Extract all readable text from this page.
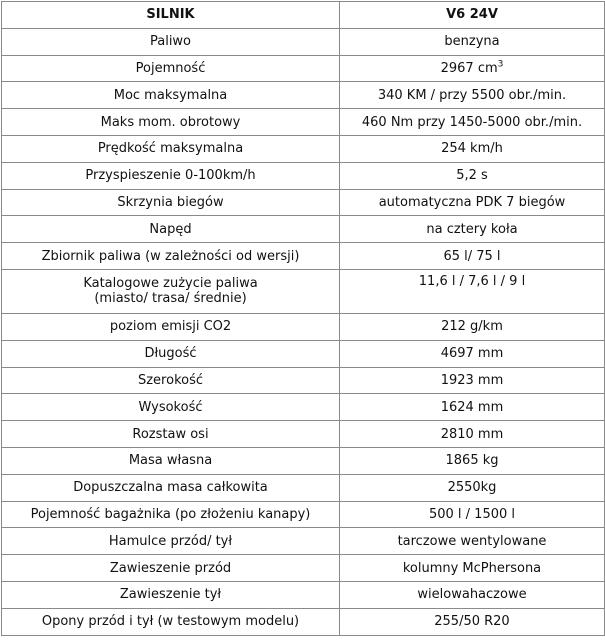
SILNIK	V6 24V
Paliwo	benzyna
Pojemność	2967 $cm^3$
Moc maksymalna	340 KM / przy 5500 obr./min.
Maks mom. obrotowy	460 Nm przy 1450-5000 obr./min.
Prędkość maksymalna	254 km/h
Przyspieszenie 0-100km/h	5,2 s
Skrzynia biegów	automatyczna PDK 7 biegów
Napęd	na cztery koła
Zbiornik paliwa (w zależności od wersji)	65 l/ 75 l

Katalogowe zużycie paliwa
(miasto/ trasa/ średnie)	11,6 l / 7,6 l / 9 l
poziom emisji CO2	212 g/km
Długość	4697 mm
Szerokość	1923 mm
Wysokość	1624 mm
Rozstaw osi	2810 mm
Masa własna	1865 kg
Dopuszczalna masa całkowita	2550kg
Pojemność bagażnika (po złożeniu kanapy)	500 l / 1500 l
Hamulce przód/ tył	tarczowe wentylowane
Zawieszenie przód	kolumny McPhersona
Zawieszenie tył	wielowahaczowe
Opony przód i tył (w testowym modelu)	255/50 R20
